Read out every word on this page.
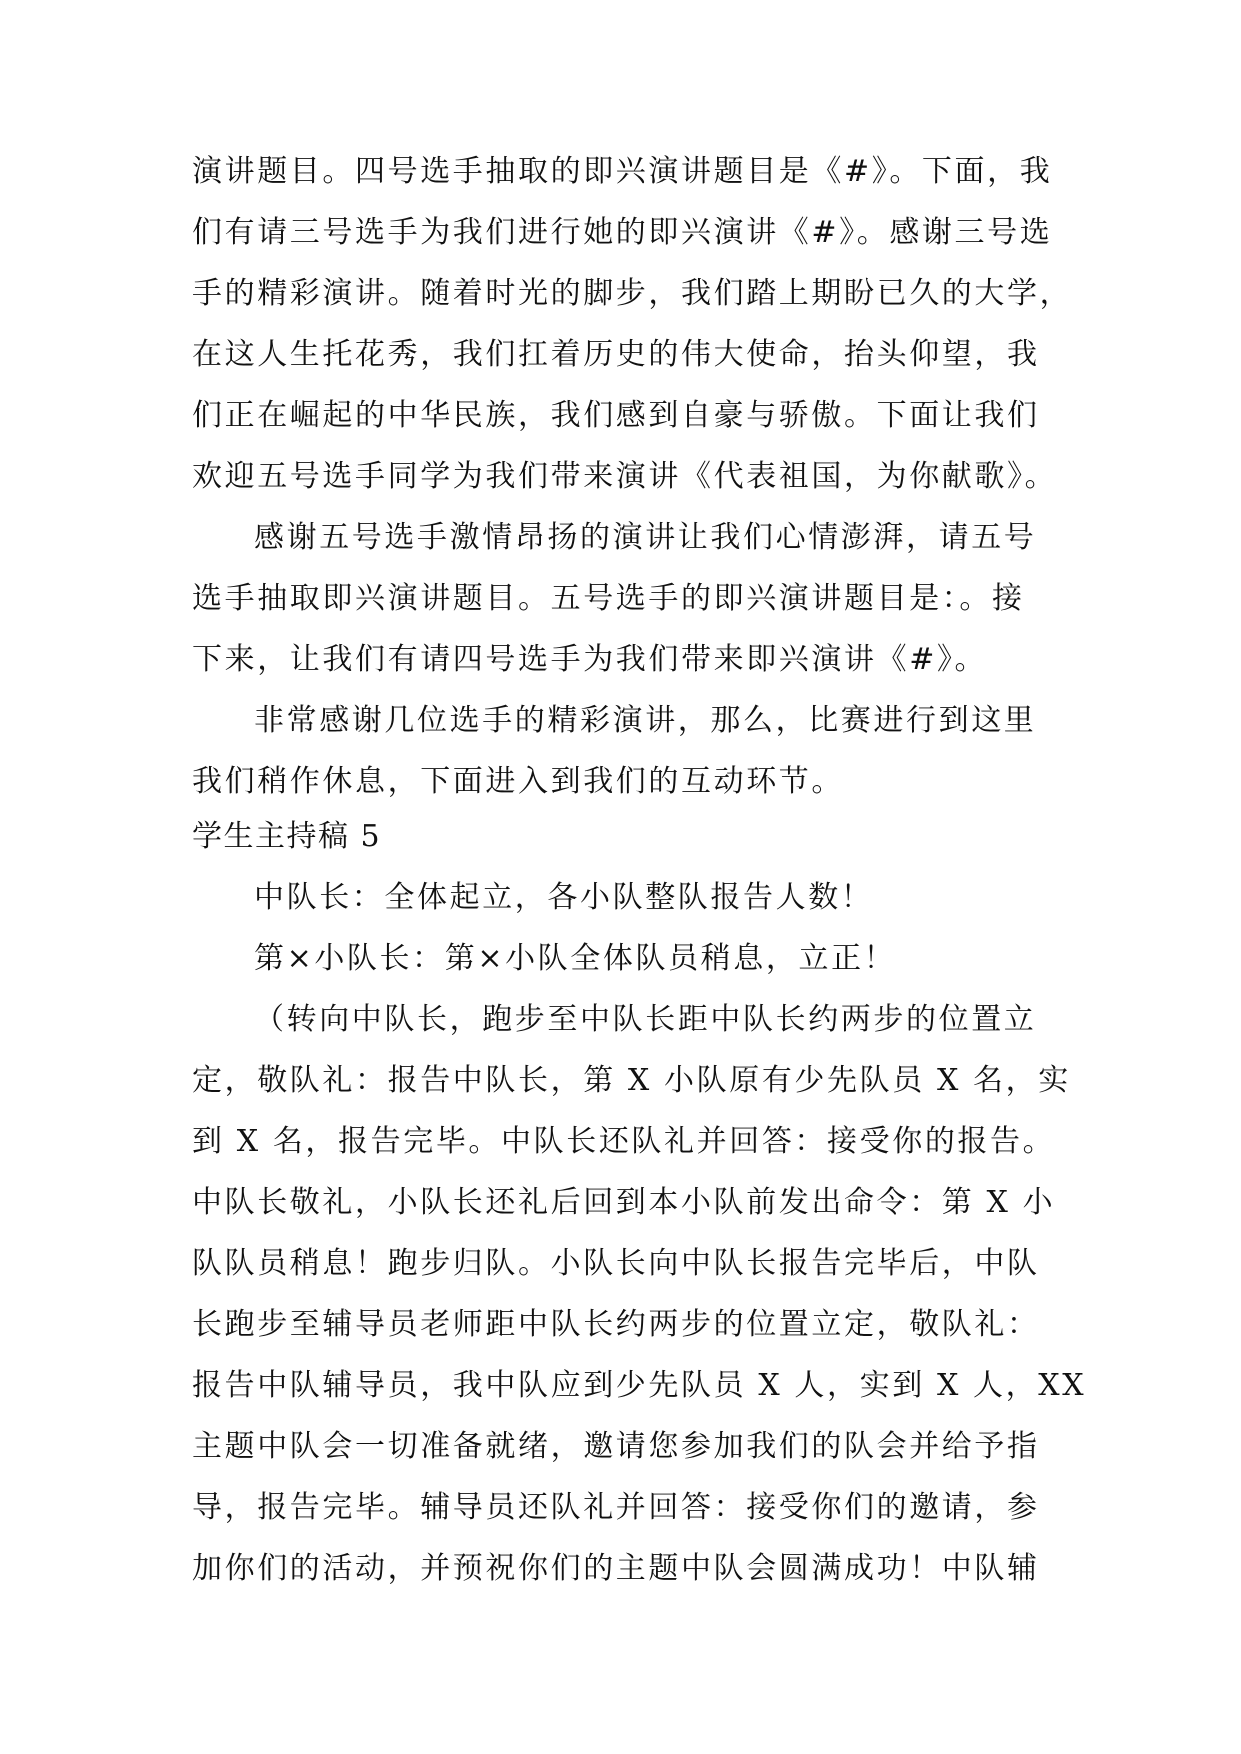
演讲题目。四号选手抽取的即兴演讲题目是《#》。下面，我
们有请三号选手为我们进行她的即兴演讲《#》。感谢三号选
手的精彩演讲。随着时光的脚步，我们踏上期盼已久的大学，
在这人生托花秀，我们扛着历史的伟大使命，抬头仰望，我
们正在崛起的中华民族，我们感到自豪与骄傲。下面让我们
欢迎五号选手同学为我们带来演讲《代表祖国，为你献歌》。
感谢五号选手激情昂扬的演讲让我们心情澎湃，请五号
选手抽取即兴演讲题目。五号选手的即兴演讲题目是：。接
下来，让我们有请四号选手为我们带来即兴演讲《#》。
非常感谢几位选手的精彩演讲，那么，比赛进行到这里
我们稍作休息，下面进入到我们的互动环节。
学生主持稿 5
中队长：全体起立，各小队整队报告人数！
第×小队长：第×小队全体队员稍息，立正！
（转向中队长，跑步至中队长距中队长约两步的位置立
定，敬队礼：报告中队长，第 X 小队原有少先队员 X 名，实
到 X 名，报告完毕。中队长还队礼并回答：接受你的报告。
中队长敬礼，小队长还礼后回到本小队前发出命令：第 X 小
队队员稍息！跑步归队。小队长向中队长报告完毕后，中队
长跑步至辅导员老师距中队长约两步的位置立定，敬队礼：
报告中队辅导员，我中队应到少先队员 X 人，实到 X 人，XX
主题中队会一切准备就绪，邀请您参加我们的队会并给予指
导，报告完毕。辅导员还队礼并回答：接受你们的邀请，参
加你们的活动，并预祝你们的主题中队会圆满成功！中队辅
